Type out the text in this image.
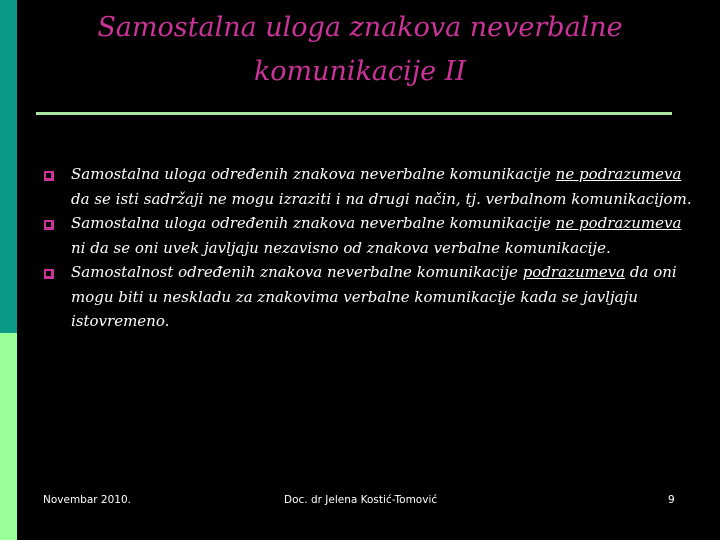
Samostalna uloga znakova neverbalne
komunikacije II
Samostalna uloga određenih znakova neverbalne komunikacije ne podrazumeva da se isti sadržaji ne mogu izraziti i na drugi način, tj. verbalnom komunikacijom.
Samostalna uloga određenih znakova neverbalne komunikacije ne podrazumeva ni da se oni uvek javljaju nezavisno od znakova verbalne komunikacije.
Samostalnost određenih znakova neverbalne komunikacije podrazumeva da oni mogu biti u neskladu za znakovima verbalne komunikacije kada se javljaju istovremeno.
Novembar 2010.	Doc. dr Jelena Kostić-Tomović	9
